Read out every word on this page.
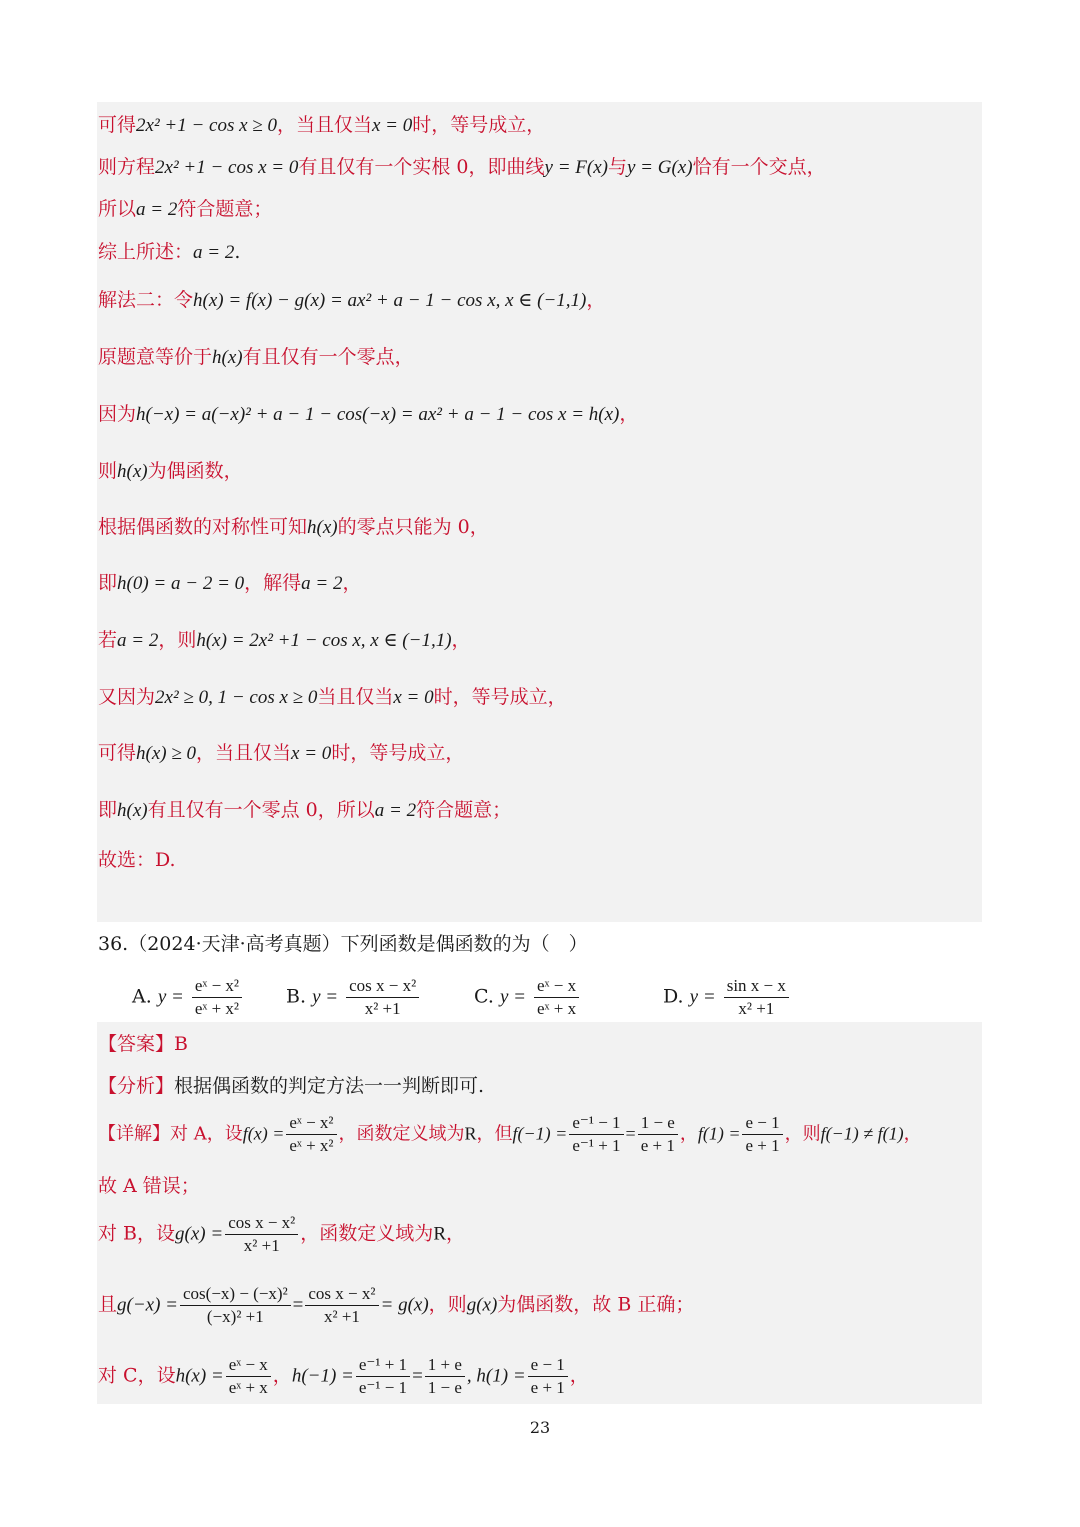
可得2x² +1 − cos x ≥ 0，当且仅当x = 0时，等号成立，
则方程2x² +1 − cos x = 0有且仅有一个实根 0，即曲线y = F(x)与y = G(x)恰有一个交点，
所以a = 2符合题意；
综上所述：a = 2.
解法二：令h(x) = f(x) − g(x) = ax² + a − 1 − cos x, x ∈ (−1,1)，
原题意等价于h(x)有且仅有一个零点，
因为h(−x) = a(−x)² + a − 1 − cos(−x) = ax² + a − 1 − cos x = h(x)，
则h(x)为偶函数，
根据偶函数的对称性可知h(x)的零点只能为 0，
即h(0) = a − 2 = 0，解得a = 2，
若a = 2，则h(x) = 2x² +1 − cos x, x ∈ (−1,1)，
又因为2x² ≥ 0, 1 − cos x ≥ 0当且仅当x = 0时，等号成立，
可得h(x) ≥ 0，当且仅当x = 0时，等号成立，
即h(x)有且仅有一个零点 0，所以a = 2符合题意；
故选：D.
36.（2024·天津·高考真题）下列函数是偶函数的为（　）
A. $y = \frac{\text{eˣ − x²}}{\text{eˣ + x²}} B$. $y = \frac{\text{cos x − x²}}{\text{x² +1}}$	C. $y = \frac{\text{eˣ − x}}{\text{eˣ + x}}$	D. $y = \frac{\text{sin x − x}}{\text{x² +1}}$
【答案】B
【分析】根据偶函数的判定方法一一判断即可.
【详解】对 A，设$f(x) = \frac{\text{eˣ − x²}}{\text{eˣ + x²}}$ ，函数定义域为R，但$f(-1) = \frac{\text{e⁻¹ − 1}}{\text{e⁻¹ + 1}} = \frac{1 - e}{e + 1}$ ，$f(1) = \frac{e - 1}{e + 1}$ ，则f(−1) ≠ f(1)，
故 A 错误；
对 B，设$g(x) = \frac{\text{cos x − x²}}{\text{x² +1}}$ ，函数定义域为R，
且$g(-x) = \frac{\text{cos(−x) − (−x)²}}{\text{(−x)² +1}} = \frac{\text{cos x − x²}}{\text{x² +1}} = g(x)$，则g(x)为偶函数，故 B 正确；
对 C，设$h(x) = \frac{\text{eˣ − x}}{\text{eˣ + x}}$ ，$h(-1) = \frac{\text{e⁻¹ + 1}}{\text{e⁻¹ − 1}} = \frac{1 + e}{1 - e}$ , $h(1) = \frac{e - 1}{e + 1}$ ，
23
